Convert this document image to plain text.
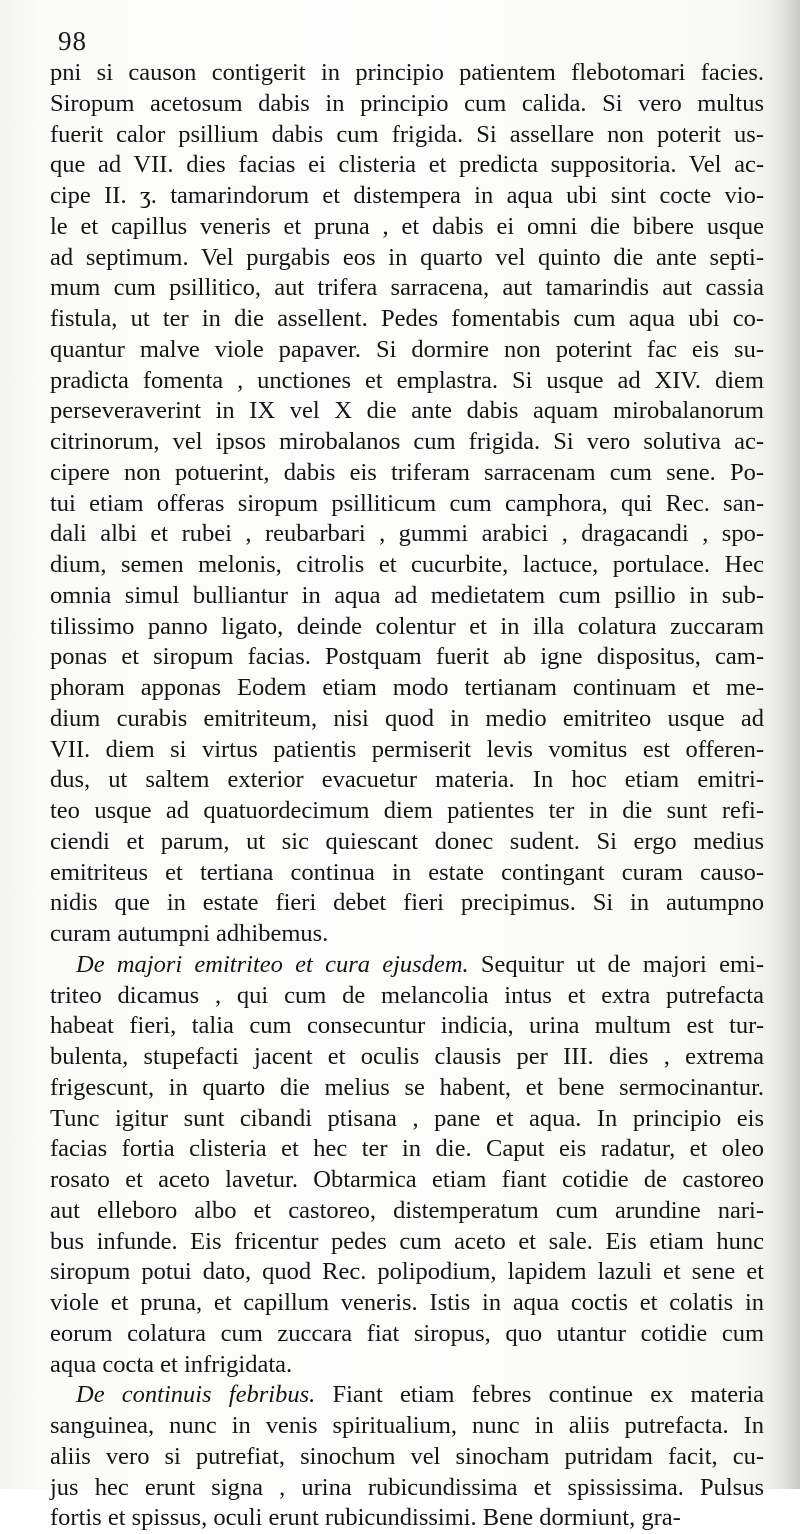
98
pni si causon contigerit in principio patientem flebotomari facies.
Siropum acetosum dabis in principio cum calida. Si vero multus
fuerit calor psillium dabis cum frigida. Si assellare non poterit us-
que ad VII. dies facias ei clisteria et predicta suppositoria. Vel ac-
cipe II. ʒ. tamarindorum et distempera in aqua ubi sint cocte vio-
le et capillus veneris et pruna , et dabis ei omni die bibere usque
ad septimum. Vel purgabis eos in quarto vel quinto die ante septi-
mum cum psillitico, aut trifera sarracena, aut tamarindis aut cassia
fistula, ut ter in die assellent. Pedes fomentabis cum aqua ubi co-
quantur malve viole papaver. Si dormire non poterint fac eis su-
pradicta fomenta , unctiones et emplastra. Si usque ad XIV. diem
perseveraverint in IX vel X die ante dabis aquam mirobalanorum
citrinorum, vel ipsos mirobalanos cum frigida. Si vero solutiva ac-
cipere non potuerint, dabis eis triferam sarracenam cum sene. Po-
tui etiam offeras siropum psilliticum cum camphora, qui Rec. san-
dali albi et rubei , reubarbari , gummi arabici , dragacandi , spo-
dium, semen melonis, citrolis et cucurbite, lactuce, portulace. Hec
omnia simul bulliantur in aqua ad medietatem cum psillio in sub-
tilissimo panno ligato, deinde colentur et in illa colatura zuccaram
ponas et siropum facias. Postquam fuerit ab igne dispositus, cam-
phoram apponas Eodem etiam modo tertianam continuam et me-
dium curabis emitriteum, nisi quod in medio emitriteo usque ad
VII. diem si virtus patientis permiserit levis vomitus est offeren-
dus, ut saltem exterior evacuetur materia. In hoc etiam emitri-
teo usque ad quatuordecimum diem patientes ter in die sunt refi-
ciendi et parum, ut sic quiescant donec sudent. Si ergo medius
emitriteus et tertiana continua in estate contingant curam causo-
nidis que in estate fieri debet fieri precipimus. Si in autumpno
curam autumpni adhibemus.
De majori emitriteo et cura ejusdem. Sequitur ut de majori emi-
triteo dicamus , qui cum de melancolia intus et extra putrefacta
habeat fieri, talia cum consecuntur indicia, urina multum est tur-
bulenta, stupefacti jacent et oculis clausis per III. dies , extrema
frigescunt, in quarto die melius se habent, et bene sermocinantur.
Tunc igitur sunt cibandi ptisana , pane et aqua. In principio eis
facias fortia clisteria et hec ter in die. Caput eis radatur, et oleo
rosato et aceto lavetur. Obtarmica etiam fiant cotidie de castoreo
aut elleboro albo et castoreo, distemperatum cum arundine nari-
bus infunde. Eis fricentur pedes cum aceto et sale. Eis etiam hunc
siropum potui dato, quod Rec. polipodium, lapidem lazuli et sene et
viole et pruna, et capillum veneris. Istis in aqua coctis et colatis in
eorum colatura cum zuccara fiat siropus, quo utantur cotidie cum
aqua cocta et infrigidata.
De continuis febribus. Fiant etiam febres continue ex materia
sanguinea, nunc in venis spiritualium, nunc in aliis putrefacta. In
aliis vero si putrefiat, sinochum vel sinocham putridam facit, cu-
jus hec erunt signa , urina rubicundissima et spississima. Pulsus
fortis et spissus, oculi erunt rubicundissimi. Bene dormiunt, gra-
